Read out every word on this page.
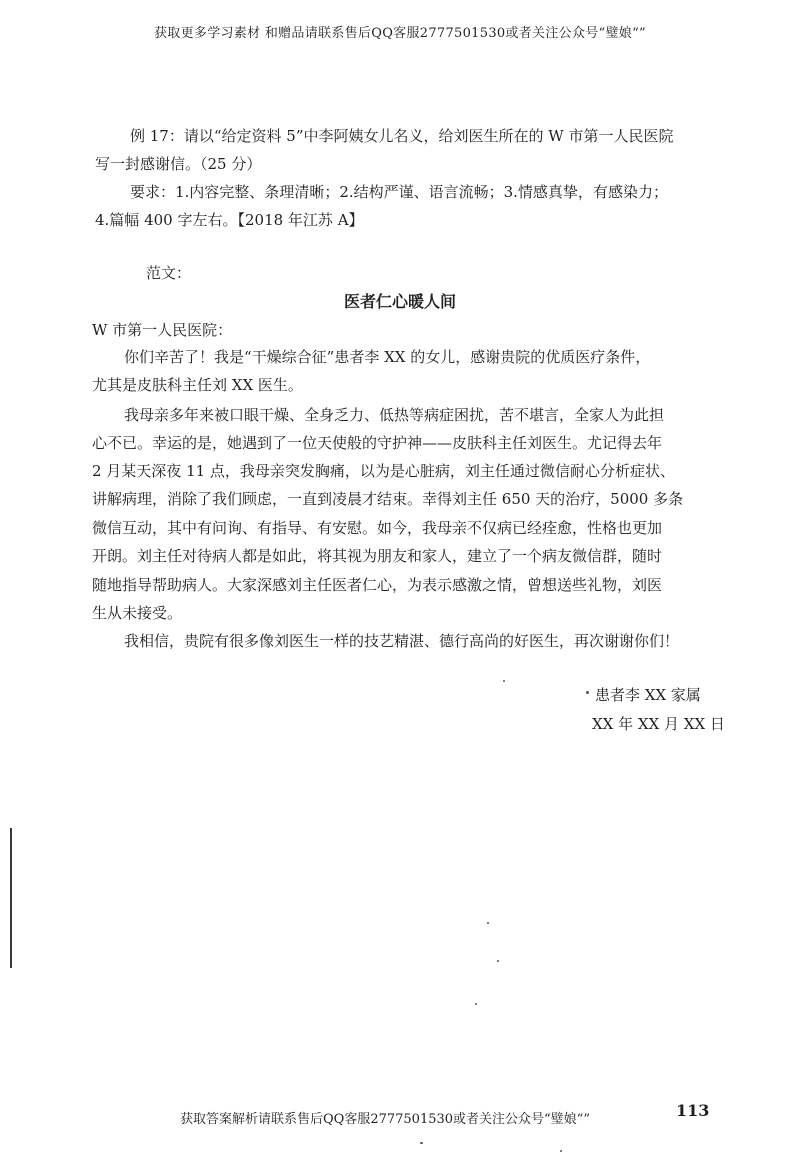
获取更多学习素材 和赠品请联系售后QQ客服2777501530或者关注公众号“璧娘“”
例 17：请以“给定资料 5”中李阿姨女儿名义，给刘医生所在的 W 市第一人民医院
写一封感谢信。（25 分）
要求：1.内容完整、条理清晰；2.结构严谨、语言流畅；3.情感真挚，有感染力；
4.篇幅 400 字左右。【2018 年江苏 A】
范文：
医者仁心暖人间
W 市第一人民医院：
你们辛苦了！我是“干燥综合征”患者李 XX 的女儿，感谢贵院的优质医疗条件，
尤其是皮肤科主任刘 XX 医生。
我母亲多年来被口眼干燥、全身乏力、低热等病症困扰，苦不堪言，全家人为此担
心不已。幸运的是，她遇到了一位天使般的守护神——皮肤科主任刘医生。尤记得去年
2 月某天深夜 11 点，我母亲突发胸痛，以为是心脏病，刘主任通过微信耐心分析症状、
讲解病理，消除了我们顾虑，一直到凌晨才结束。幸得刘主任 650 天的治疗，5000 多条
微信互动，其中有问询、有指导、有安慰。如今，我母亲不仅病已经痊愈，性格也更加
开朗。刘主任对待病人都是如此，将其视为朋友和家人，建立了一个病友微信群，随时
随地指导帮助病人。大家深感刘主任医者仁心，为表示感激之情，曾想送些礼物，刘医
生从未接受。
我相信，贵院有很多像刘医生一样的技艺精湛、德行高尚的好医生，再次谢谢你们！
患者李 XX 家属
XX 年 XX 月 XX 日
获取答案解析请联系售后QQ客服2777501530或者关注公众号“璧娘“”	113
